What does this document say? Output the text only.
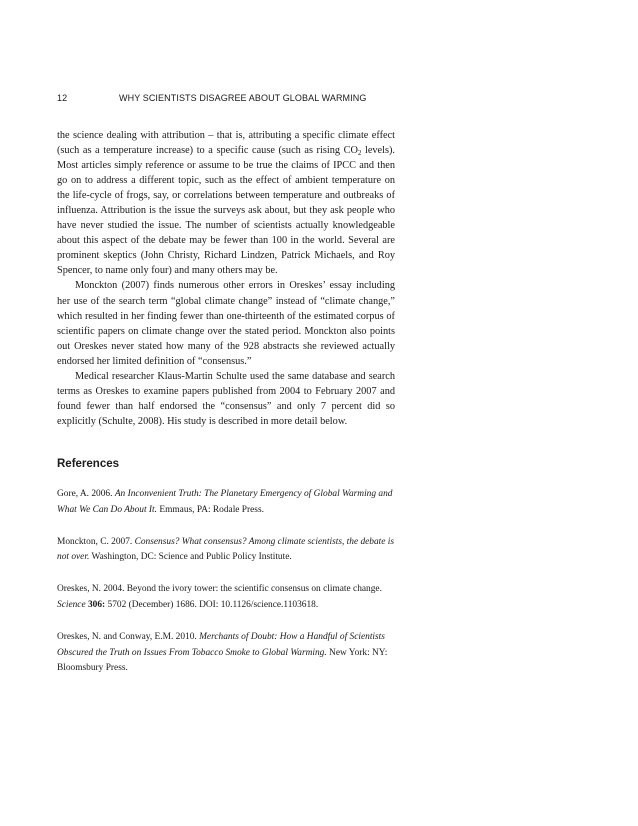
12	WHY SCIENTISTS DISAGREE ABOUT GLOBAL WARMING

the science dealing with attribution – that is, attributing a specific climate effect (such as a temperature increase) to a specific cause (such as rising $CO_2$ levels). Most articles simply reference or assume to be true the claims of IPCC and then go on to address a different topic, such as the effect of ambient temperature on the life-cycle of frogs, say, or correlations between temperature and outbreaks of influenza. Attribution is the issue the surveys ask about, but they ask people who have never studied the issue. The number of scientists actually knowledgeable about this aspect of the debate may be fewer than 100 in the world. Several are prominent skeptics (John Christy, Richard Lindzen, Patrick Michaels, and Roy Spencer, to name only four) and many others may be.

Monckton (2007) finds numerous other errors in Oreskes’ essay including her use of the search term “global climate change” instead of “climate change,” which resulted in her finding fewer than one-thirteenth of the estimated corpus of scientific papers on climate change over the stated period. Monckton also points out Oreskes never stated how many of the 928 abstracts she reviewed actually endorsed her limited definition of “consensus.”

Medical researcher Klaus-Martin Schulte used the same database and search terms as Oreskes to examine papers published from 2004 to February 2007 and found fewer than half endorsed the “consensus” and only 7 percent did so explicitly (Schulte, 2008). His study is described in more detail below.

References

Gore, A. 2006. An Inconvenient Truth: The Planetary Emergency of Global Warming and What We Can Do About It. Emmaus, PA: Rodale Press.

Monckton, C. 2007. Consensus? What consensus? Among climate scientists, the debate is not over. Washington, DC: Science and Public Policy Institute.

Oreskes, N. 2004. Beyond the ivory tower: the scientific consensus on climate change. Science 306: 5702 (December) 1686. DOI: 10.1126/science.1103618.

Oreskes, N. and Conway, E.M. 2010. Merchants of Doubt: How a Handful of Scientists Obscured the Truth on Issues From Tobacco Smoke to Global Warming. New York: NY: Bloomsbury Press.
